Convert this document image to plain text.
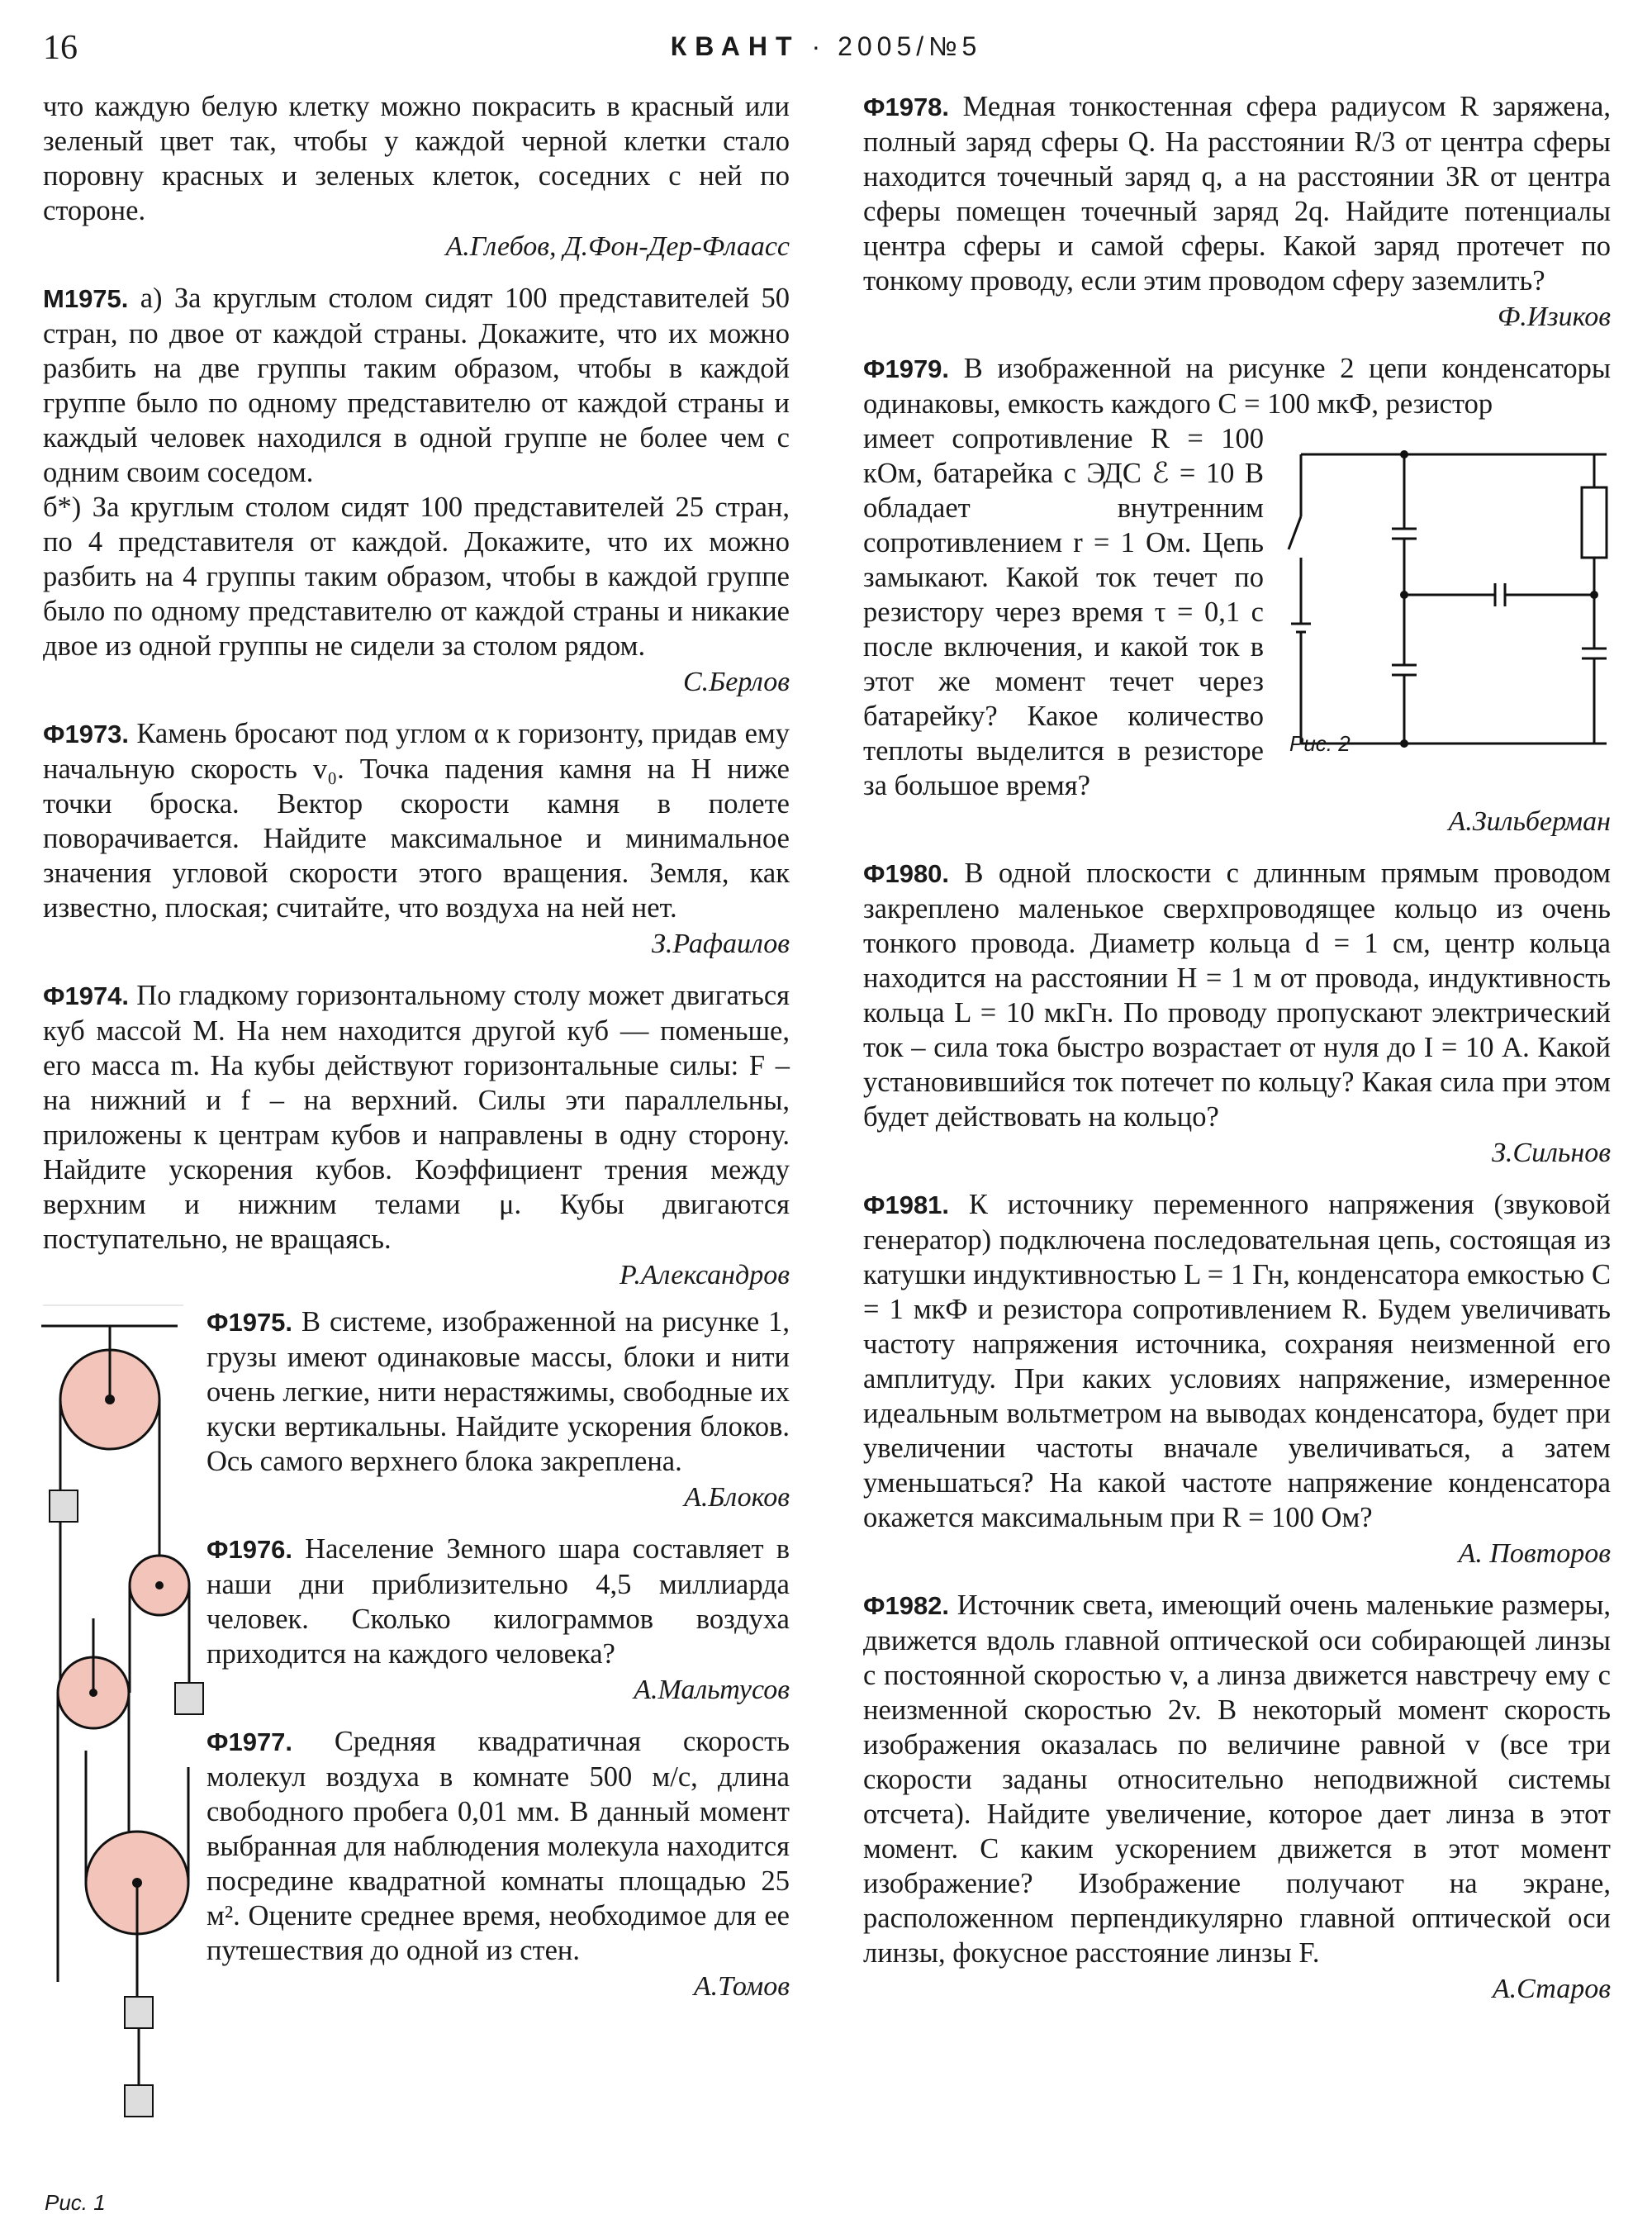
16	КВАНТ · 2005/№5

что каждую белую клетку можно покрасить в красный или зеленый цвет так, чтобы у каждой черной клетки стало поровну красных и зеленых клеток, соседних с ней по стороне.

А.Глебов, Д.Фон-Дер-Флаасс

М1975. а) За круглым столом сидят 100 представителей 50 стран, по двое от каждой страны. Докажите, что их можно разбить на две группы таким образом, чтобы в каждой группе было по одному представителю от каждой страны и каждый человек находился в одной группе не более чем с одним своим соседом.

б*) За круглым столом сидят 100 представителей 25 стран, по 4 представителя от каждой. Докажите, что их можно разбить на 4 группы таким образом, чтобы в каждой группе было по одному представителю от каждой страны и никакие двое из одной группы не сидели за столом рядом.

С.Берлов

Ф1973. Камень бросают под углом α к горизонту, придав ему начальную скорость v₀. Точка падения камня на H ниже точки броска. Вектор скорости камня в полете поворачивается. Найдите максимальное и минимальное значения угловой скорости этого вращения. Земля, как известно, плоская; считайте, что воздуха на ней нет.

З.Рафаилов

Ф1974. По гладкому горизонтальному столу может двигаться куб массой M. На нем находится другой куб — поменьше, его масса m. На кубы действуют горизонтальные силы: F – на нижний и f – на верхний. Силы эти параллельны, приложены к центрам кубов и направлены в одну сторону. Найдите ускорения кубов. Коэффициент трения между верхним и нижним телами μ. Кубы двигаются поступательно, не вращаясь.

Р.Александров

Рис. 1

Ф1975. В системе, изображенной на рисунке 1, грузы имеют одинаковые массы, блоки и нити очень легкие, нити нерастяжимы, свободные их куски вертикальны. Найдите ускорения блоков. Ось самого верхнего блока закреплена.

А.Блоков

Ф1976. Население Земного шара составляет в наши дни приблизительно 4,5 миллиарда человек. Сколько килограммов воздуха приходится на каждого человека?

А.Мальтусов

Ф1977. Средняя квадратичная скорость молекул воздуха в комнате 500 м/с, длина свободного пробега 0,01 мм. В данный момент выбранная для наблюдения молекула находится посредине квадратной комнаты площадью 25 м². Оцените среднее время, необходимое для ее путешествия до одной из стен.

А.Томов

Ф1978. Медная тонкостенная сфера радиусом R заряжена, полный заряд сферы Q. На расстоянии R/3 от центра сферы находится точечный заряд q, а на расстоянии 3R от центра сферы помещен точечный заряд 2q. Найдите потенциалы центра сферы и самой сферы. Какой заряд протечет по тонкому проводу, если этим проводом сферу заземлить?

Ф.Изиков

Ф1979. В изображенной на рисунке 2 цепи конденсаторы одинаковы, емкость каждого C = 100 мкФ, резистор

имеет сопротивление R = 100 кОм, батарейка с ЭДС ℰ = 10 В обладает внутренним сопротивлением r = 1 Ом. Цепь замыкают. Какой ток течет по резистору через время τ = 0,1 с после включения, и какой ток в этот же момент течет через батарейку? Какое количество теплоты выделится в резисторе за большое время?

Рис. 2

А.Зильберман

Ф1980. В одной плоскости с длинным прямым проводом закреплено маленькое сверхпроводящее кольцо из очень тонкого провода. Диаметр кольца d = 1 см, центр кольца находится на расстоянии H = 1 м от провода, индуктивность кольца L = 10 мкГн. По проводу пропускают электрический ток – сила тока быстро возрастает от нуля до I = 10 А. Какой установившийся ток потечет по кольцу? Какая сила при этом будет действовать на кольцо?

З.Сильнов

Ф1981. К источнику переменного напряжения (звуковой генератор) подключена последовательная цепь, состоящая из катушки индуктивностью L = 1 Гн, конденсатора емкостью C = 1 мкФ и резистора сопротивлением R. Будем увеличивать частоту напряжения источника, сохраняя неизменной его амплитуду. При каких условиях напряжение, измеренное идеальным вольтметром на выводах конденсатора, будет при увеличении частоты вначале увеличиваться, а затем уменьшаться? На какой частоте напряжение конденсатора окажется максимальным при R = 100 Ом?

А. Повторов

Ф1982. Источник света, имеющий очень маленькие размеры, движется вдоль главной оптической оси собирающей линзы с постоянной скоростью v, а линза движется навстречу ему с неизменной скоростью 2v. В некоторый момент скорость изображения оказалась по величине равной v (все три скорости заданы относительно неподвижной системы отсчета). Найдите увеличение, которое дает линза в этот момент. С каким ускорением движется в этот момент изображение? Изображение получают на экране, расположенном перпендикулярно главной оптической оси линзы, фокусное расстояние линзы F.

А.Старов
